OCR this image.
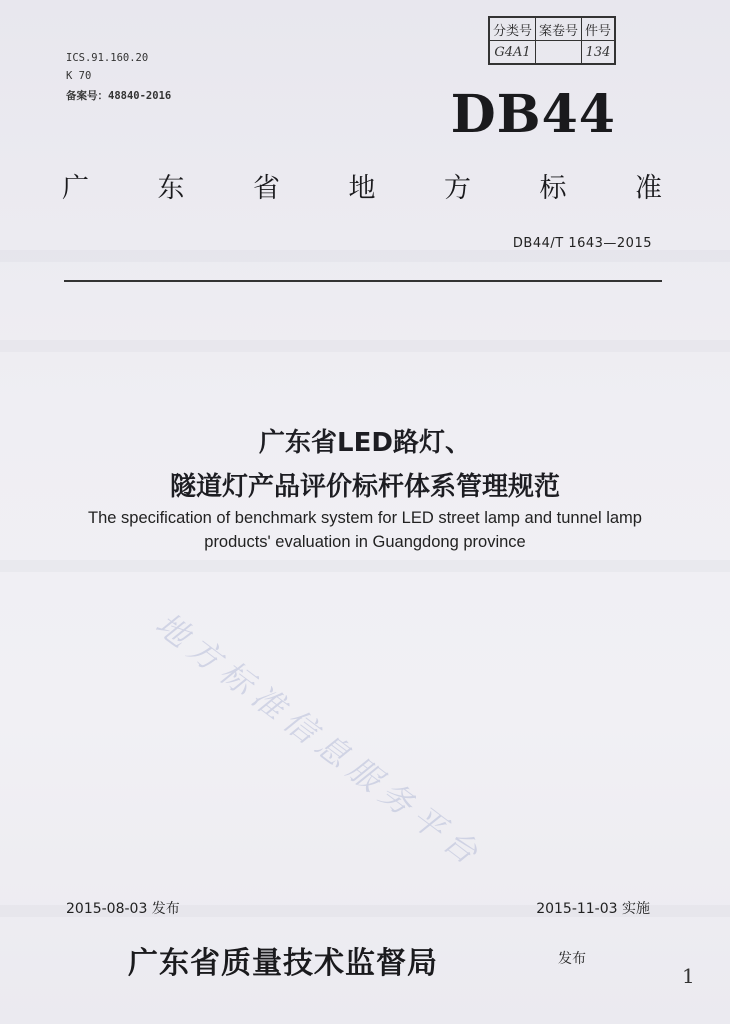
分类号	案卷号	件号
G4A1		134
ICS.91.160.20
K 70
备案号：48840-2016	DB44
广	东	省	地	方	标	准
DB44/T 1643—2015
广东省LED路灯、
隧道灯产品评价标杆体系管理规范
The specification of benchmark system for LED street lamp and tunnel lamp
products' evaluation in Guangdong province
地方标准信息服务平台
2015-08-03 发布	2015-11-03 实施
广东省质量技术监督局	发布
1
